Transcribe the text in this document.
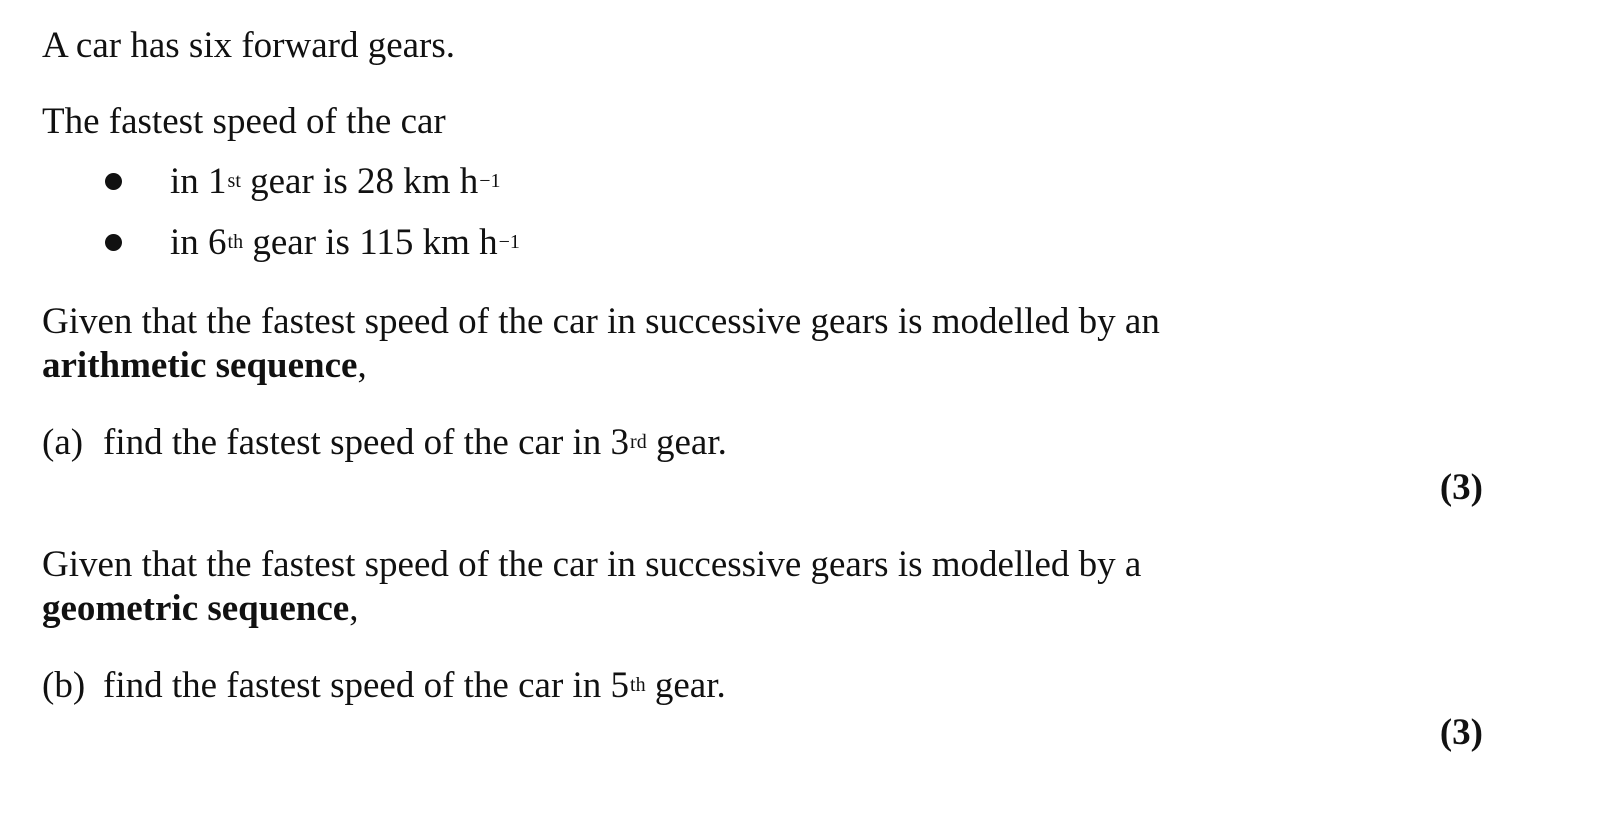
A car has six forward gears.
The fastest speed of the car
in 1st gear is 28 km $h^{-1}$
in 6th gear is 115 km $h^{-1}$
Given that the fastest speed of the car in successive gears is modelled by an
arithmetic sequence,
(a) find the fastest speed of the car in 3rd gear.
(3)
Given that the fastest speed of the car in successive gears is modelled by a
geometric sequence,
(b) find the fastest speed of the car in 5th gear.
(3)
